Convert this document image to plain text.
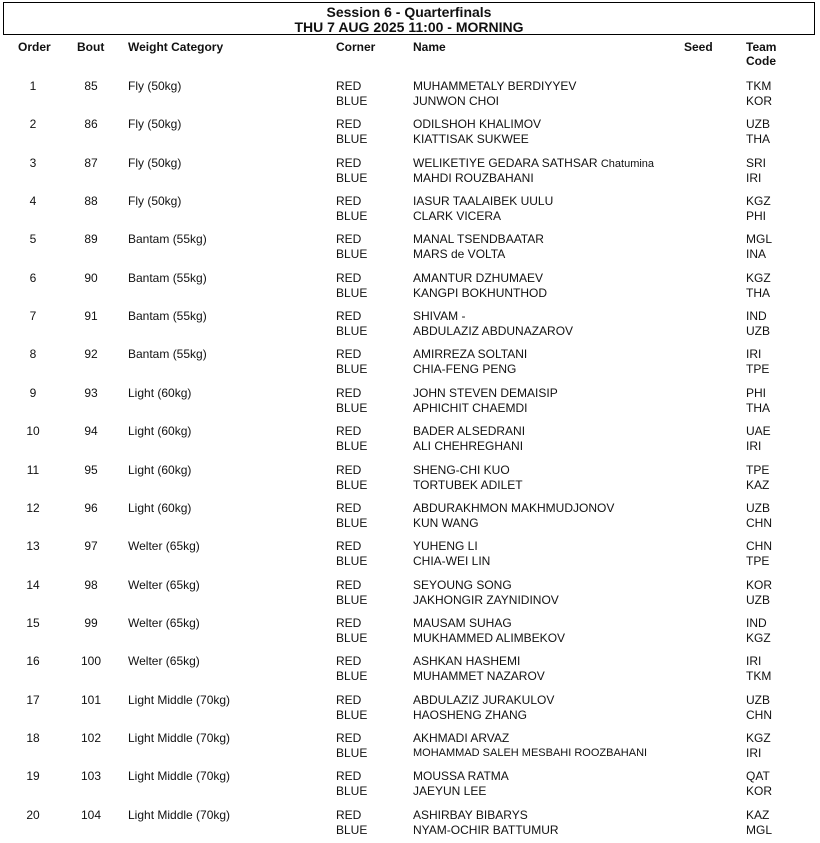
Session 6 - Quarterfinals
THU 7 AUG 2025 11:00 - MORNING
Order Bout Weight Category	Corner	Name	Seed	Team
Code
1	85	Fly (50kg)	RED	MUHAMMETALY BERDIYYEV	TKM
BLUE	JUNWON CHOI	KOR
2	86	Fly (50kg)	RED	ODILSHOH KHALIMOV	UZB
BLUE	KIATTISAK SUKWEE	THA
3	87	Fly (50kg)	RED	WELIKETIYE GEDARA SATHSAR Chatumina	SRI
BLUE	MAHDI ROUZBAHANI	IRI
4	88	Fly (50kg)	RED	IASUR TAALAIBEK UULU	KGZ
BLUE	CLARK VICERA	PHI
5	89	Bantam (55kg)	RED	MANAL TSENDBAATAR	MGL
BLUE	MARS de VOLTA	INA
6	90	Bantam (55kg)	RED	AMANTUR DZHUMAEV	KGZ
BLUE	KANGPI BOKHUNTHOD	THA
7	91	Bantam (55kg)	RED	SHIVAM -	IND
BLUE	ABDULAZIZ ABDUNAZAROV	UZB
8	92	Bantam (55kg)	RED	AMIRREZA SOLTANI	IRI
BLUE	CHIA-FENG PENG	TPE
9	93	Light (60kg)	RED	JOHN STEVEN DEMAISIP	PHI
BLUE	APHICHIT CHAEMDI	THA
10	94	Light (60kg)	RED	BADER ALSEDRANI	UAE
BLUE	ALI CHEHREGHANI	IRI
11	95	Light (60kg)	RED	SHENG-CHI KUO	TPE
BLUE	TORTUBEK ADILET	KAZ
12	96	Light (60kg)	RED	ABDURAKHMON MAKHMUDJONOV	UZB
BLUE	KUN WANG	CHN
13	97	Welter (65kg)	RED	YUHENG LI	CHN
BLUE	CHIA-WEI LIN	TPE
14	98	Welter (65kg)	RED	SEYOUNG SONG	KOR
BLUE	JAKHONGIR ZAYNIDINOV	UZB
15	99	Welter (65kg)	RED	MAUSAM SUHAG	IND
BLUE	MUKHAMMED ALIMBEKOV	KGZ
16	100	Welter (65kg)	RED	ASHKAN HASHEMI	IRI
BLUE	MUHAMMET NAZAROV	TKM
17	101	Light Middle (70kg)	RED	ABDULAZIZ JURAKULOV	UZB
BLUE	HAOSHENG ZHANG	CHN
18	102	Light Middle (70kg)	RED	AKHMADI ARVAZ	KGZ
BLUE	MOHAMMAD SALEH MESBAHI ROOZBAHANI	IRI
19	103	Light Middle (70kg)	RED	MOUSSA RATMA	QAT
BLUE	JAEYUN LEE	KOR
20	104	Light Middle (70kg)	RED	ASHIRBAY BIBARYS	KAZ
BLUE	NYAM-OCHIR BATTUMUR	MGL
